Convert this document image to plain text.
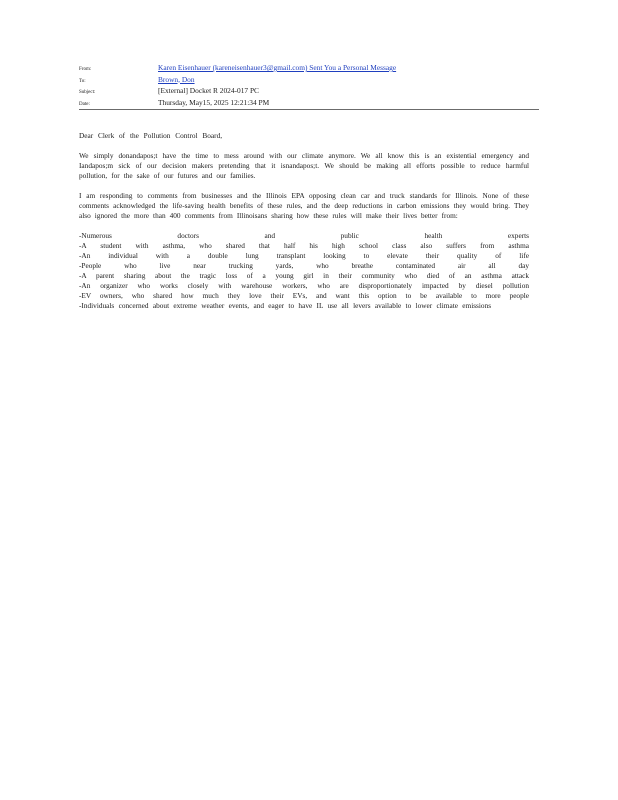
From:	Karen Eisenhauer (kareneisenhauer3@gmail.com) Sent You a Personal Message
To:	Brown, Don
Subject:	[External] Docket R 2024-017 PC
Date:	Thursday, May15, 2025 12:21:34 PM

Dear Clerk of the Pollution Control Board,

We simply donandapos;t have the time to mess around with our climate anymore. We all know this is an existential emergency and Iandapos;m sick of our decision makers pretending that it isnandapos;t. We should be making all efforts possible to reduce harmful pollution, for the sake of our futures and our families.

I am responding to comments from businesses and the Illinois EPA opposing clean car and truck standards for Illinois. None of these comments acknowledged the life-saving health benefits of these rules, and the deep reductions in carbon emissions they would bring. They also ignored the more than 400 comments from Illinoisans sharing how these rules will make their lives better from:

-Numerous doctors and public health experts
-A student with asthma, who shared that half his high school class also suffers from asthma
-An individual with a double lung transplant looking to elevate their quality of life
-People who live near trucking yards, who breathe contaminated air all day
-A parent sharing about the tragic loss of a young girl in their community who died of an asthma attack
-An organizer who works closely with warehouse workers, who are disproportionately impacted by diesel pollution
-EV owners, who shared how much they love their EVs, and want this option to be available to more people
-Individuals concerned about extreme weather events, and eager to have IL use all levers available to lower climate emissions
